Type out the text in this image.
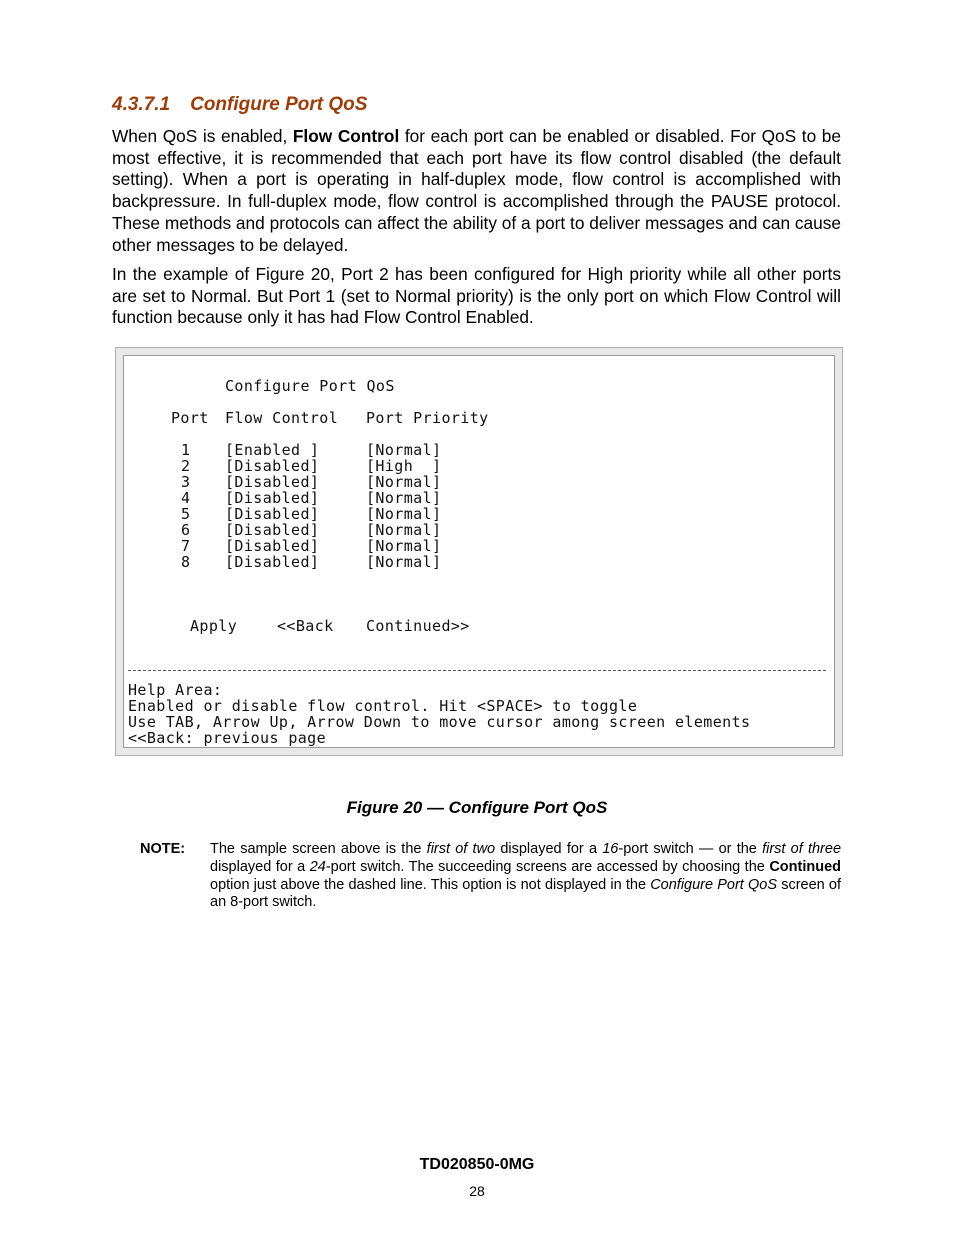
4.3.7.1 Configure Port QoS

When QoS is enabled, Flow Control for each port can be enabled or disabled. For QoS to be most effective, it is recommended that each port have its flow control disabled (the default setting). When a port is operating in half-duplex mode, flow control is accomplished with backpressure. In full-duplex mode, flow control is accomplished through the PAUSE protocol. These methods and protocols can affect the ability of a port to deliver messages and can cause other messages to be delayed.

In the example of Figure 20, Port 2 has been configured for High priority while all other ports are set to Normal. But Port 1 (set to Normal priority) is the only port on which Flow Control will function because only it has had Flow Control Enabled.

Configure Port QoS
Port Flow Control Port Priority
1 [Enabled ]	[Normal]
2 [Disabled]	[High  ]
3 [Disabled]	[Normal]
4 [Disabled]	[Normal]
5 [Disabled]	[Normal]
6 [Disabled]	[Normal]
7 [Disabled]	[Normal]
8 [Disabled]	[Normal]
Apply	<<Back Continued>>
Help Area:
Enabled or disable flow control. Hit <SPACE> to toggle
Use TAB, Arrow Up, Arrow Down to move cursor among screen elements
<<Back: previous page

Figure 20 — Configure Port QoS

NOTE: The sample screen above is the first of two displayed for a 16-port switch — or the first of three displayed for a 24-port switch. The succeeding screens are accessed by choosing the Continued option just above the dashed line. This option is not displayed in the Configure Port QoS screen of an 8-port switch.

TD020850-0MG
28
